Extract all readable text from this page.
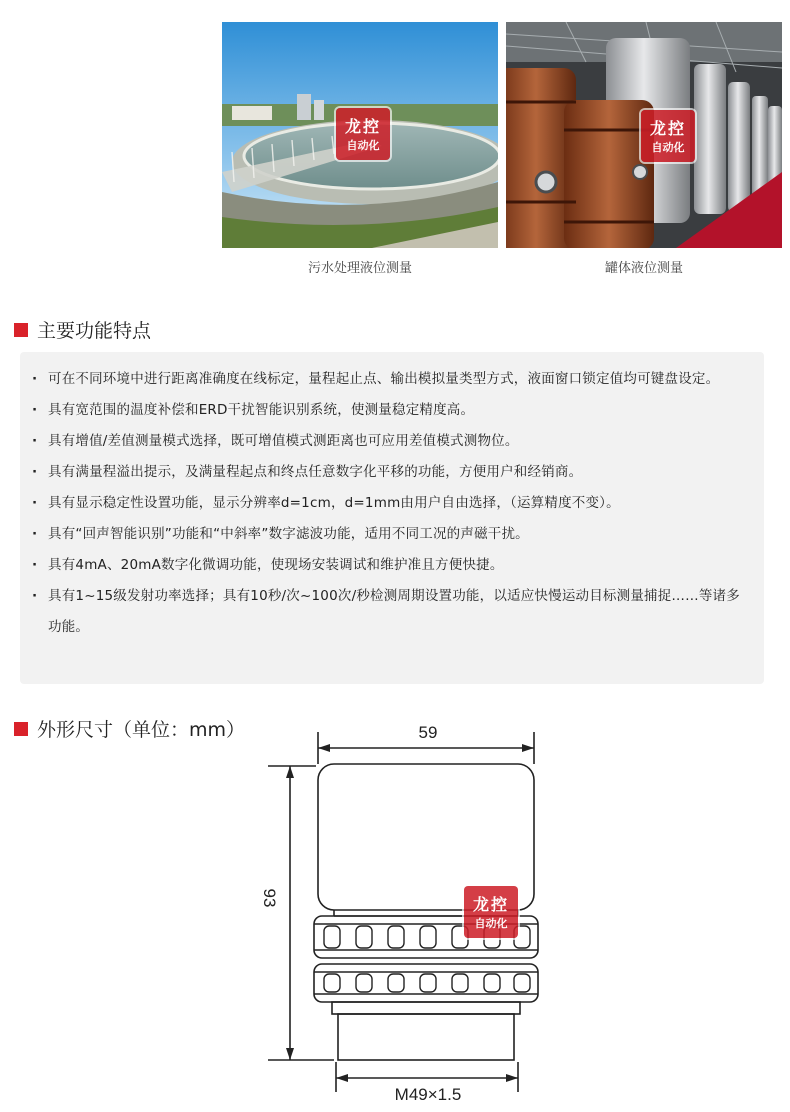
龙控
自动化
污水处理液位测量
龙控
自动化
罐体液位测量
主要功能特点
· 可在不同环境中进行距离准确度在线标定，量程起止点、输出模拟量类型方式，液面窗口锁定值均可键盘设定。
· 具有宽范围的温度补偿和ERD干扰智能识别系统，使测量稳定精度高。
· 具有增值/差值测量模式选择，既可增值模式测距离也可应用差值模式测物位。
· 具有满量程溢出提示，及满量程起点和终点任意数字化平移的功能，方便用户和经销商。
· 具有显示稳定性设置功能，显示分辨率d=1cm，d=1mm由用户自由选择，（运算精度不变）。
· 具有“回声智能识别”功能和“中斜率”数字滤波功能，适用不同工况的声磁干扰。
· 具有4mA、20mA数字化微调功能，使现场安装调试和维护准且方便快捷。
· 具有1~15级发射功率选择；具有10秒/次~100次/秒检测周期设置功能，以适应快慢运动目标测量捕捉……等诸多功能。
外形尺寸（单位：mm）	59
93
M49×1.5
龙控
自动化
